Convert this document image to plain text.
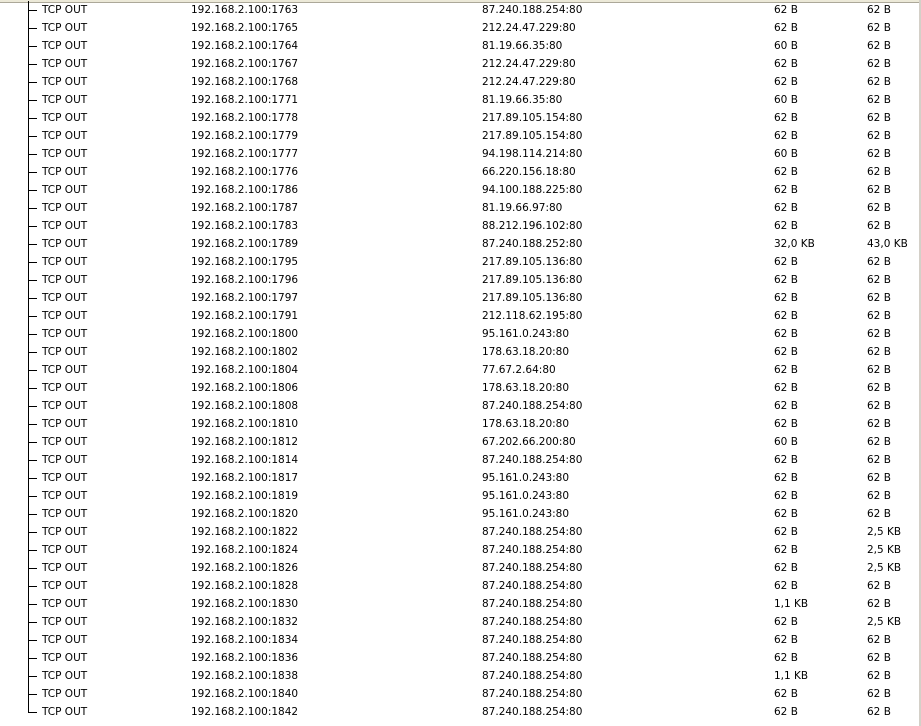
TCP OUT	192.168.2.100:1763	87.240.188.254:80	62 B	62 B
TCP OUT	192.168.2.100:1765	212.24.47.229:80	62 B	62 B
TCP OUT	192.168.2.100:1764	81.19.66.35:80	60 B	62 B
TCP OUT	192.168.2.100:1767	212.24.47.229:80	62 B	62 B
TCP OUT	192.168.2.100:1768	212.24.47.229:80	62 B	62 B
TCP OUT	192.168.2.100:1771	81.19.66.35:80	60 B	62 B
TCP OUT	192.168.2.100:1778	217.89.105.154:80	62 B	62 B
TCP OUT	192.168.2.100:1779	217.89.105.154:80	62 B	62 B
TCP OUT	192.168.2.100:1777	94.198.114.214:80	60 B	62 B
TCP OUT	192.168.2.100:1776	66.220.156.18:80	62 B	62 B
TCP OUT	192.168.2.100:1786	94.100.188.225:80	62 B	62 B
TCP OUT	192.168.2.100:1787	81.19.66.97:80	62 B	62 B
TCP OUT	192.168.2.100:1783	88.212.196.102:80	62 B	62 B
TCP OUT	192.168.2.100:1789	87.240.188.252:80	32,0 KB	43,0 KB
TCP OUT	192.168.2.100:1795	217.89.105.136:80	62 B	62 B
TCP OUT	192.168.2.100:1796	217.89.105.136:80	62 B	62 B
TCP OUT	192.168.2.100:1797	217.89.105.136:80	62 B	62 B
TCP OUT	192.168.2.100:1791	212.118.62.195:80	62 B	62 B
TCP OUT	192.168.2.100:1800	95.161.0.243:80	62 B	62 B
TCP OUT	192.168.2.100:1802	178.63.18.20:80	62 B	62 B
TCP OUT	192.168.2.100:1804	77.67.2.64:80	62 B	62 B
TCP OUT	192.168.2.100:1806	178.63.18.20:80	62 B	62 B
TCP OUT	192.168.2.100:1808	87.240.188.254:80	62 B	62 B
TCP OUT	192.168.2.100:1810	178.63.18.20:80	62 B	62 B
TCP OUT	192.168.2.100:1812	67.202.66.200:80	60 B	62 B
TCP OUT	192.168.2.100:1814	87.240.188.254:80	62 B	62 B
TCP OUT	192.168.2.100:1817	95.161.0.243:80	62 B	62 B
TCP OUT	192.168.2.100:1819	95.161.0.243:80	62 B	62 B
TCP OUT	192.168.2.100:1820	95.161.0.243:80	62 B	62 B
TCP OUT	192.168.2.100:1822	87.240.188.254:80	62 B	2,5 KB
TCP OUT	192.168.2.100:1824	87.240.188.254:80	62 B	2,5 KB
TCP OUT	192.168.2.100:1826	87.240.188.254:80	62 B	2,5 KB
TCP OUT	192.168.2.100:1828	87.240.188.254:80	62 B	62 B
TCP OUT	192.168.2.100:1830	87.240.188.254:80	1,1 KB	62 B
TCP OUT	192.168.2.100:1832	87.240.188.254:80	62 B	2,5 KB
TCP OUT	192.168.2.100:1834	87.240.188.254:80	62 B	62 B
TCP OUT	192.168.2.100:1836	87.240.188.254:80	62 B	62 B
TCP OUT	192.168.2.100:1838	87.240.188.254:80	1,1 KB	62 B
TCP OUT	192.168.2.100:1840	87.240.188.254:80	62 B	62 B
TCP OUT	192.168.2.100:1842	87.240.188.254:80	62 B	62 B
